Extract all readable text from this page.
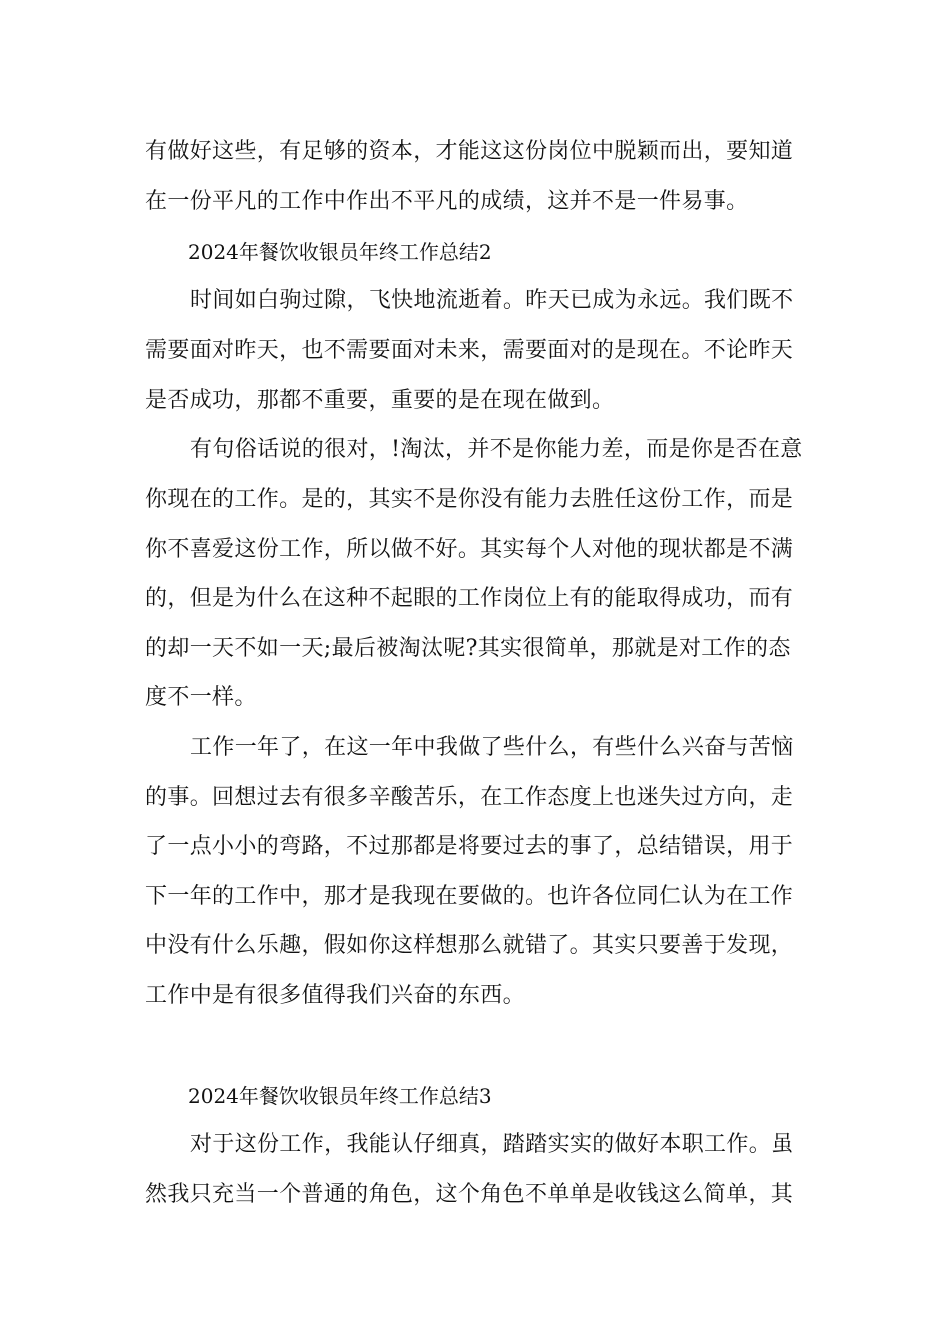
有做好这些，有足够的资本，才能这这份岗位中脱颖而出，要知道
在一份平凡的工作中作出不平凡的成绩，这并不是一件易事。
2024年餐饮收银员年终工作总结2
时间如白驹过隙，飞快地流逝着。昨天已成为永远。我们既不
需要面对昨天，也不需要面对未来，需要面对的是现在。不论昨天
是否成功，那都不重要，重要的是在现在做到。
有句俗话说的很对，!淘汰，并不是你能力差，而是你是否在意
你现在的工作。是的，其实不是你没有能力去胜任这份工作，而是
你不喜爱这份工作，所以做不好。其实每个人对他的现状都是不满
的，但是为什么在这种不起眼的工作岗位上有的能取得成功，而有
的却一天不如一天;最后被淘汰呢?其实很简单，那就是对工作的态
度不一样。
工作一年了，在这一年中我做了些什么，有些什么兴奋与苦恼
的事。回想过去有很多辛酸苦乐，在工作态度上也迷失过方向，走
了一点小小的弯路，不过那都是将要过去的事了，总结错误，用于
下一年的工作中，那才是我现在要做的。也许各位同仁认为在工作
中没有什么乐趣，假如你这样想那么就错了。其实只要善于发现，
工作中是有很多值得我们兴奋的东西。
2024年餐饮收银员年终工作总结3
对于这份工作，我能认仔细真，踏踏实实的做好本职工作。虽
然我只充当一个普通的角色，这个角色不单单是收钱这么简单，其
